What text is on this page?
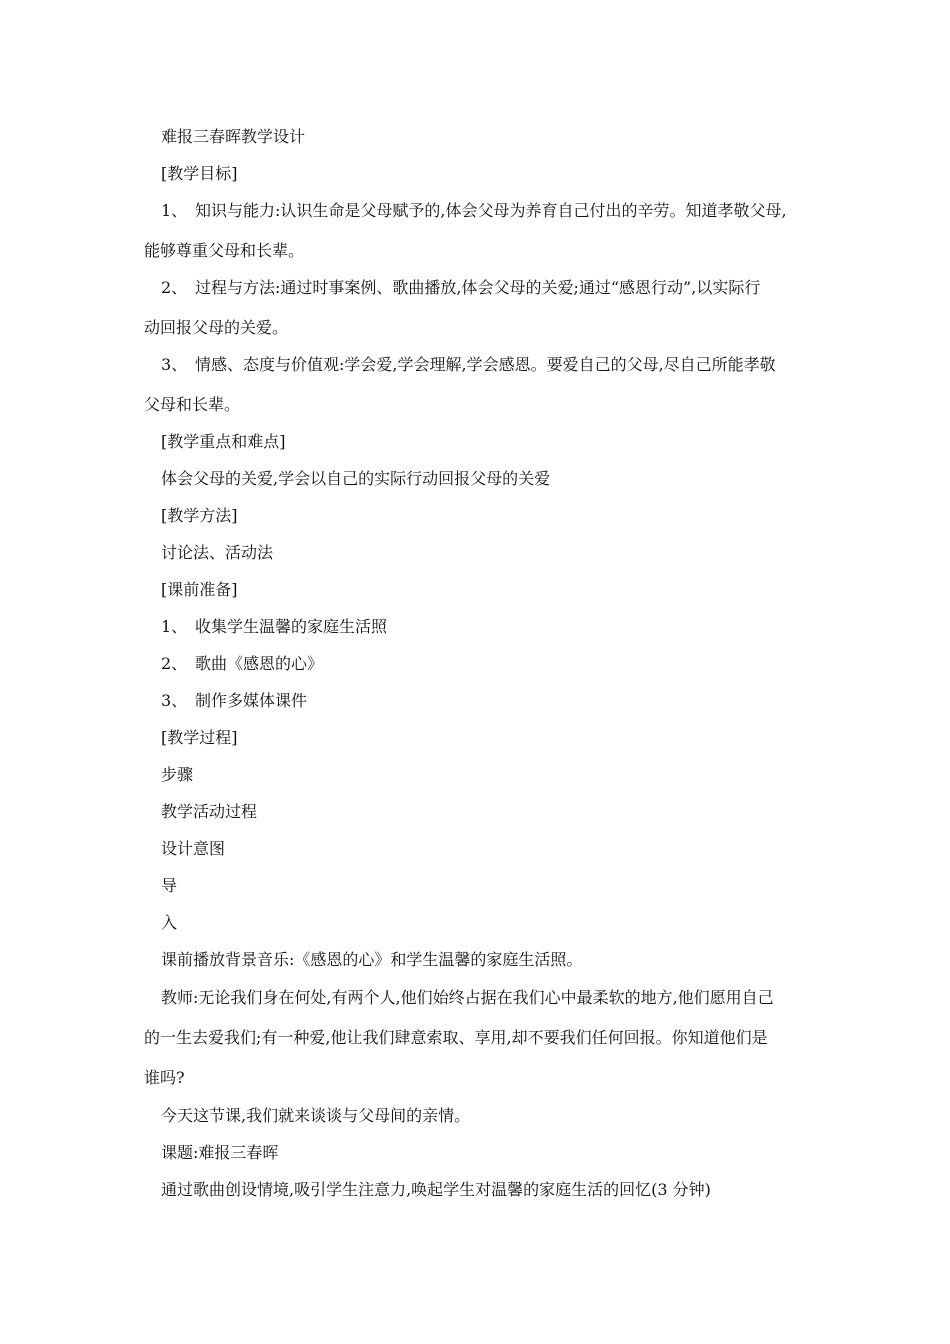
难报三春晖教学设计
[教学目标]
1、 知识与能力:认识生命是父母赋予的,体会父母为养育自己付出的辛劳。知道孝敬父母,
能够尊重父母和长辈。
2、 过程与方法:通过时事案例、歌曲播放,体会父母的关爱;通过“感恩行动”,以实际行
动回报父母的关爱。
3、 情感、态度与价值观:学会爱,学会理解,学会感恩。要爱自己的父母,尽自己所能孝敬
父母和长辈。
[教学重点和难点]
体会父母的关爱,学会以自己的实际行动回报父母的关爱
[教学方法]
讨论法、活动法
[课前准备]
1、 收集学生温馨的家庭生活照
2、 歌曲《感恩的心》
3、 制作多媒体课件
[教学过程]
步骤
教学活动过程
设计意图
导
入
课前播放背景音乐:《感恩的心》和学生温馨的家庭生活照。
教师:无论我们身在何处,有两个人,他们始终占据在我们心中最柔软的地方,他们愿用自己
的一生去爱我们;有一种爱,他让我们肆意索取、享用,却不要我们任何回报。你知道他们是
谁吗?
今天这节课,我们就来谈谈与父母间的亲情。
课题:难报三春晖
通过歌曲创设情境,吸引学生注意力,唤起学生对温馨的家庭生活的回忆(3 分钟)
